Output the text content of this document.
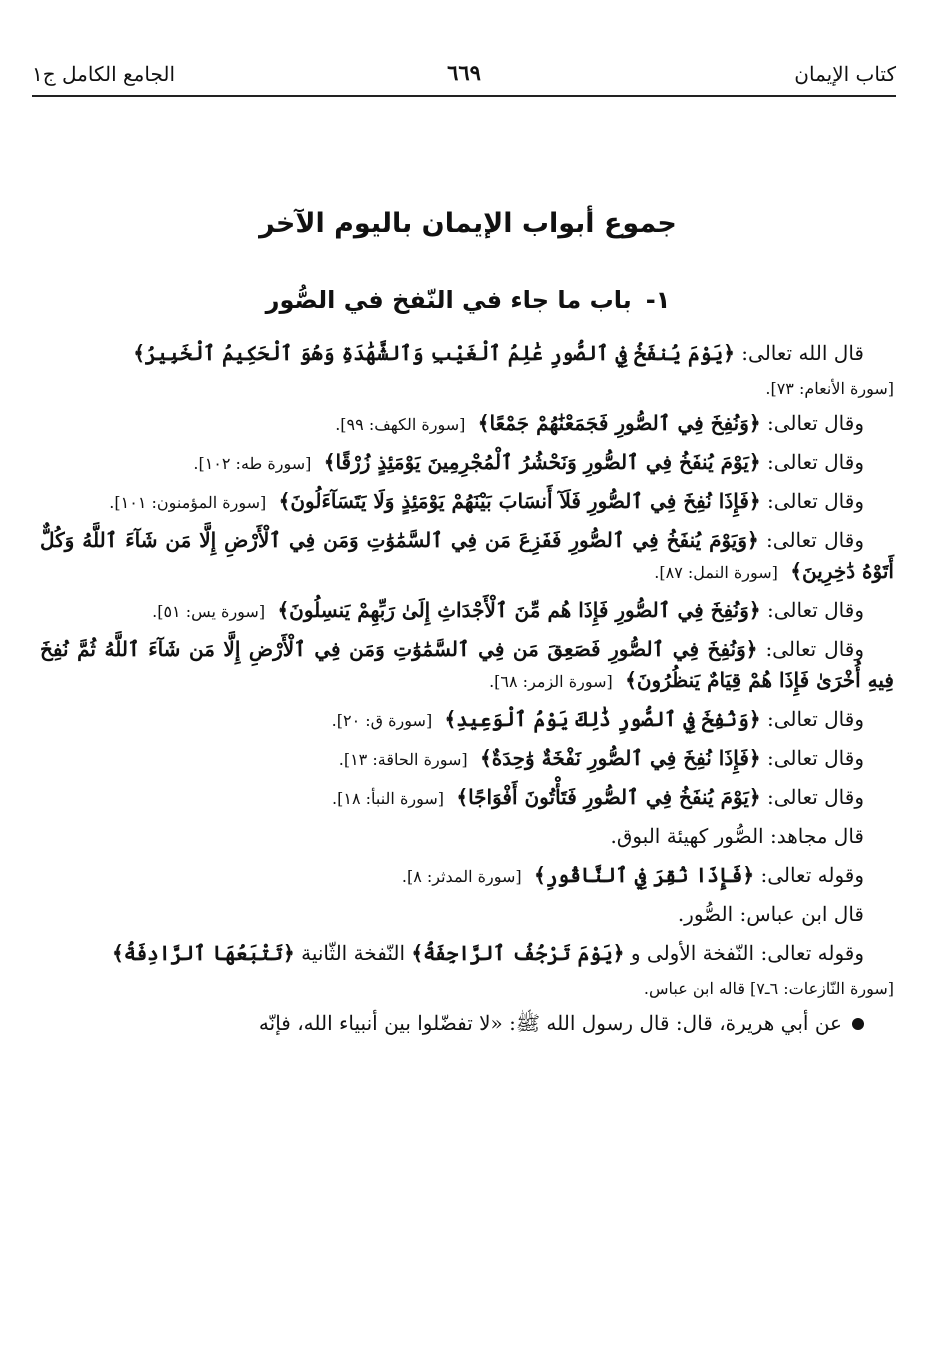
كتاب الإيمان
٦٦٩
الجامع الكامل ج١
جموع أبواب الإيمان باليوم الآخر
١-باب ما جاء في النّفخ في الصُّور

قال الله تعالى: ﴿يَوْمَ يُنفَخُ فِي ٱلصُّورِ عَٰلِمُ ٱلْغَيْبِ وَٱلشَّهَٰدَةِ وَهُوَ ٱلْحَكِيمُ ٱلْخَبِيرُ﴾

[سورة الأنعام: ٧٣].

وقال تعالى: ﴿وَنُفِخَ فِي ٱلصُّورِ فَجَمَعْنَٰهُمْ جَمْعًا﴾ [سورة الكهف: ٩٩].

وقال تعالى: ﴿يَوْمَ يُنفَخُ فِي ٱلصُّورِ وَنَحْشُرُ ٱلْمُجْرِمِينَ يَوْمَئِذٍ زُرْقًا﴾ [سورة طه: ١٠٢].

وقال تعالى: ﴿فَإِذَا نُفِخَ فِي ٱلصُّورِ فَلَآ أَنسَابَ بَيْنَهُمْ يَوْمَئِذٍ وَلَا يَتَسَآءَلُونَ﴾ [سورة المؤمنون: ١٠١].

وقال تعالى: ﴿وَيَوْمَ يُنفَخُ فِي ٱلصُّورِ فَفَزِعَ مَن فِي ٱلسَّمَٰوَٰتِ وَمَن فِي ٱلْأَرْضِ إِلَّا مَن شَآءَ ٱللَّهُ وَكُلٌّ أَتَوْهُ دَٰخِرِينَ﴾ [سورة النمل: ٨٧].

وقال تعالى: ﴿وَنُفِخَ فِي ٱلصُّورِ فَإِذَا هُم مِّنَ ٱلْأَجْدَاثِ إِلَىٰ رَبِّهِمْ يَنسِلُونَ﴾ [سورة يس: ٥١].

وقال تعالى: ﴿وَنُفِخَ فِي ٱلصُّورِ فَصَعِقَ مَن فِي ٱلسَّمَٰوَٰتِ وَمَن فِي ٱلْأَرْضِ إِلَّا مَن شَآءَ ٱللَّهُ ثُمَّ نُفِخَ فِيهِ أُخْرَىٰ فَإِذَا هُمْ قِيَامٌ يَنظُرُونَ﴾ [سورة الزمر: ٦٨].

وقال تعالى: ﴿وَنُفِخَ فِي ٱلصُّورِ ذَٰلِكَ يَوْمُ ٱلْوَعِيدِ﴾ [سورة ق: ٢٠].

وقال تعالى: ﴿فَإِذَا نُفِخَ فِي ٱلصُّورِ نَفْخَةٌ وَٰحِدَةٌ﴾ [سورة الحاقة: ١٣].

وقال تعالى: ﴿يَوْمَ يُنفَخُ فِي ٱلصُّورِ فَتَأْتُونَ أَفْوَاجًا﴾ [سورة النبأ: ١٨].

قال مجاهد: الصُّور كهيئة البوق.

وقوله تعالى: ﴿فَإِذَا نُقِرَ فِي ٱلنَّاقُورِ﴾ [سورة المدثر: ٨].

قال ابن عباس: الصُّور.

وقوله تعالى: النّفخة الأولى و ﴿يَوْمَ تَرْجُفُ ٱلرَّاجِفَةُ﴾ النّفخة الثّانية ﴿تَتْبَعُهَا ٱلرَّادِفَةُ﴾

[سورة النّازعات: ٦ـ٧] قاله ابن عباس.

عن أبي هريرة، قال: قال رسول الله ﷺ: «لا تفضّلوا بين أنبياء الله، فإنّه
